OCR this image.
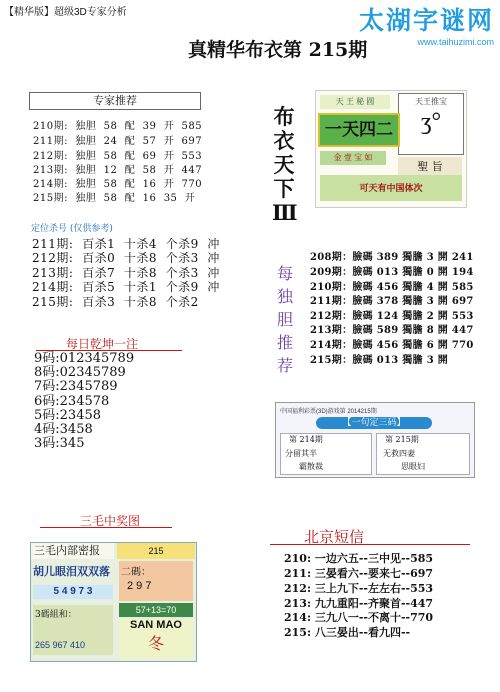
【精华版】超级3D专家分析	太湖字谜网
www.taihuzimi.com
真精华布衣第 215期
专家推荐
210期:  独胆  58  配  39  开  585
211期:  独胆  24  配  57  开  697
212期:  独胆  58  配  69  开  553
213期:  独胆  12  配  58  开  447
214期:  独胆  58  配  16  开  770
215期:  独胆  58  配  16  35  开
定位杀号 (仅供参考)
211期:  百杀1  十杀4  个杀9  冲
212期:  百杀0  十杀8  个杀3  冲
213期:  百杀7  十杀8  个杀3  冲
214期:  百杀5  十杀1  个杀9  冲
215期:  百杀3  十杀8  个杀2
布
衣
天
下
Ⅲ
天 王 秘 圆	天王推宝
ʒ°
一天四二
金 壹 宝 如
聖 旨
可天有中国体次
每日乾坤一注
9码:012345789
8码:02345789
7码:2345789
6码:234578
5码:23458
4码:3458
3码:345
三毛中奖图
三毛内部密报	215
胡儿眼泪双双落	二碼：
2 9 7
5 4 9 7 3
57+13=70
3碼組和：
265 967 410
SAN MAO
冬
每
独
胆
推
荐
208期：臉碼 389 獨膽 3 開 241
209期：臉碼 013 獨膽 0 開 194
210期：臉碼 456 獨膽 4 開 585
211期：臉碼 378 獨膽 3 開 697
212期：臉碼 124 獨膽 2 開 553
213期：臉碼 589 獨膽 8 開 447
214期：臉碼 456 獨膽 6 開 770
215期：臉碼 013 獨膽 3 開
中国福利彩票(3D)游戏第 2014215期
【一句定三码】
第 214期
分留其半
霸散裁
第 215期
无救四妻
思眼妇
北京短信
210: 一边六五--三中见--585
211: 三晏看六--要来七--697
212: 三上九下--左左右--553
213: 九九重阳--齐聚首--447
214: 三九八一--不离十--770
215: 八三晏出--看九四--
